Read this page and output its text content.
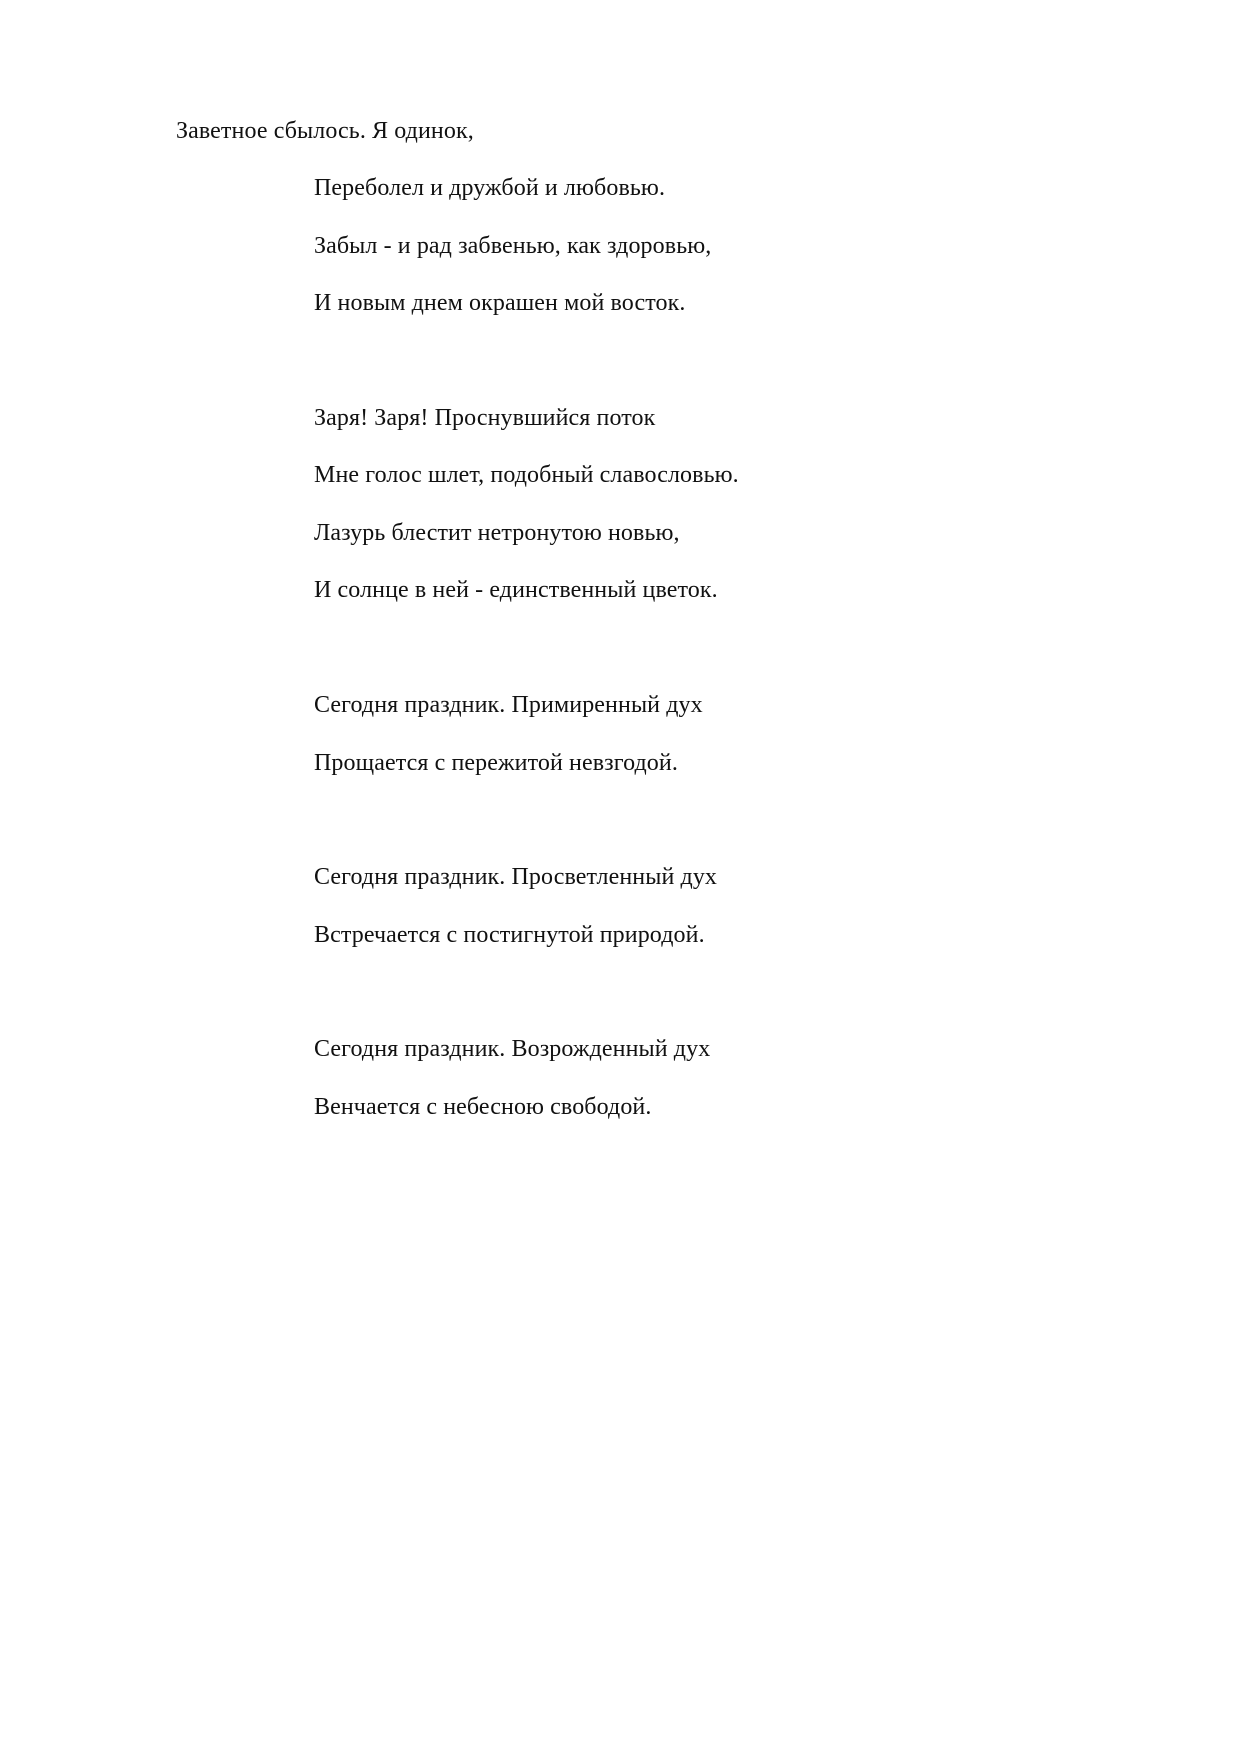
Заветное сбылось. Я одинок,
Переболел и дружбой и любовью.
Забыл - и рад забвенью, как здоровью,
И новым днем окрашен мой восток.
Заря! Заря! Проснувшийся поток
Мне голос шлет, подобный славословью.
Лазурь блестит нетронутою новью,
И солнце в ней - единственный цветок.
Сегодня праздник. Примиренный дух
Прощается с пережитой невзгодой.
Сегодня праздник. Просветленный дух
Встречается с постигнутой природой.
Сегодня праздник. Возрожденный дух
Венчается с небесною свободой.
